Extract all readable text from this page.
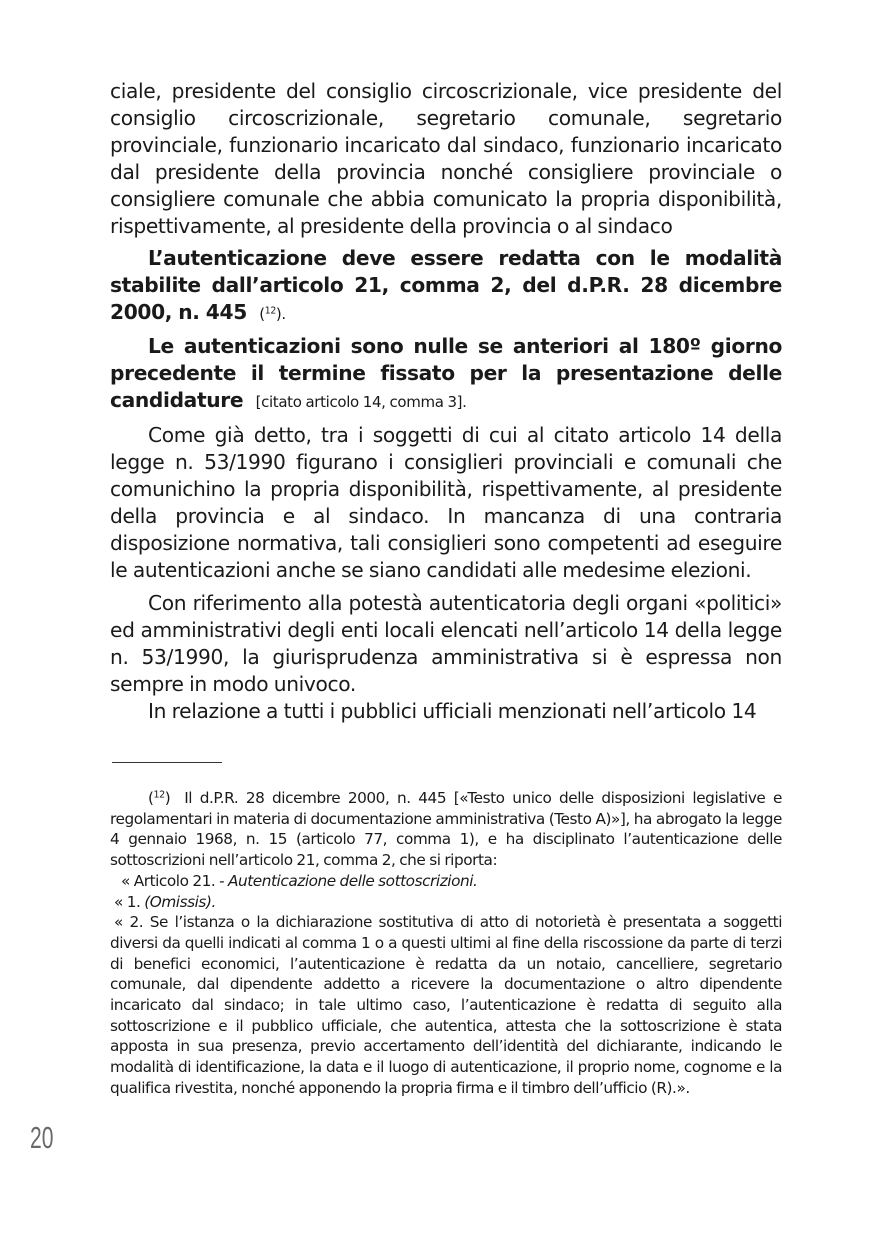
ciale, presidente del consiglio circoscrizionale, vice presidente del consiglio circoscrizionale, segretario comunale, segretario provinciale, funzionario incaricato dal sindaco, funzionario incaricato dal presidente della provincia nonché consigliere provinciale o consigliere comunale che abbia comunicato la propria disponibilità, rispettivamente, al presidente della provincia o al sindaco

L’autenticazione deve essere redatta con le modalità stabilite dall’articolo 21, comma 2, del d.P.R. 28 dicembre 2000, n. 445 ($^{12}$).

Le autenticazioni sono nulle se anteriori al 180º giorno precedente il termine fissato per la presentazione delle candidature [citato articolo 14, comma 3].

Come già detto, tra i soggetti di cui al citato articolo 14 della legge n. 53/1990 figurano i consiglieri provinciali e comunali che comunichino la propria disponibilità, rispettivamente, al presidente della provincia e al sindaco. In mancanza di una contraria disposizione normativa, tali consiglieri sono competenti ad eseguire le autenticazioni anche se siano candidati alle medesime elezioni.

Con riferimento alla potestà autenticatoria degli organi «politici» ed amministrativi degli enti locali elencati nell’articolo 14 della legge n. 53/1990, la giurisprudenza amministrativa si è espressa non sempre in modo univoco.

In relazione a tutti i pubblici ufficiali menzionati nell’articolo 14

($^{12}$) Il d.P.R. 28 dicembre 2000, n. 445 [«Testo unico delle disposizioni legislative e regolamentari in materia di documentazione amministrativa (Testo A)»], ha abrogato la legge 4 gennaio 1968, n. 15 (articolo 77, comma 1), e ha disciplinato l’autenticazione delle sottoscrizioni nell’articolo 21, comma 2, che si riporta:

« Articolo 21. - Autenticazione delle sottoscrizioni.

« 1. (Omissis).

« 2. Se l’istanza o la dichiarazione sostitutiva di atto di notorietà è presentata a soggetti diversi da quelli indicati al comma 1 o a questi ultimi al fine della riscossione da parte di terzi di benefici economici, l’autenticazione è redatta da un notaio, cancelliere, segretario comunale, dal dipendente addetto a ricevere la documentazione o altro dipendente incaricato dal sindaco; in tale ultimo caso, l’autenticazione è redatta di seguito alla sottoscrizione e il pubblico ufficiale, che autentica, attesta che la sottoscrizione è stata apposta in sua presenza, previo accertamento dell’identità del dichiarante, indicando le modalità di identificazione, la data e il luogo di autenticazione, il proprio nome, cognome e la qualifica rivestita, nonché apponendo la propria firma e il timbro dell’ufficio (R).».

20
